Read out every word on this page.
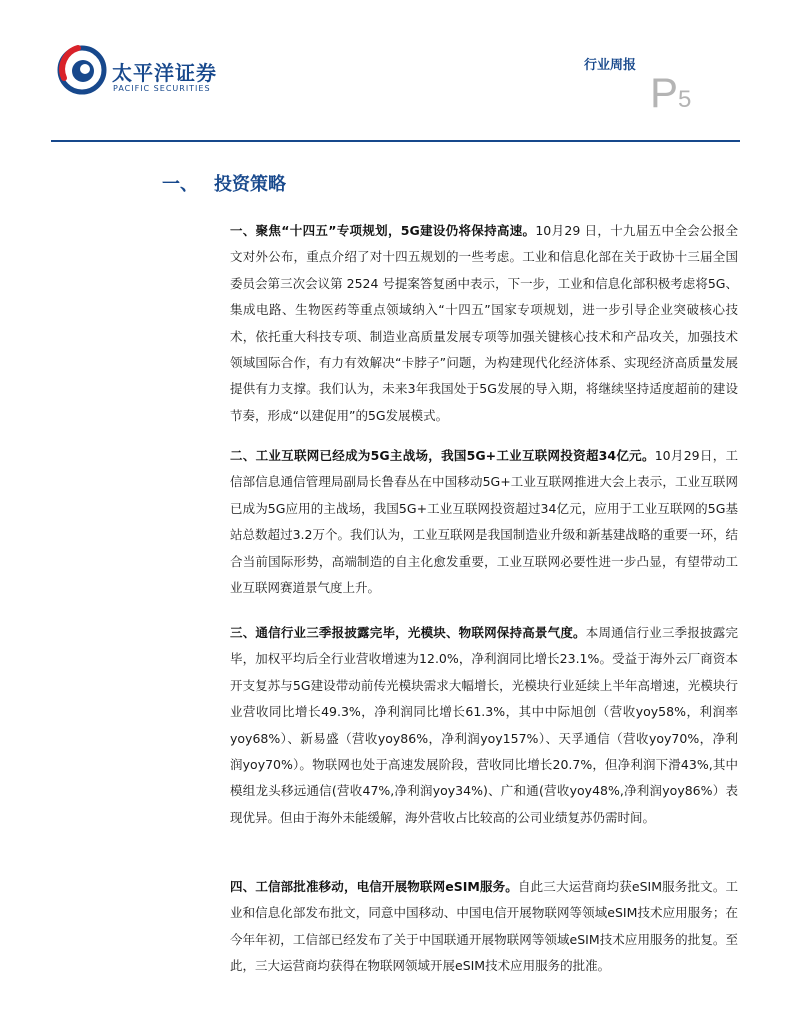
太平洋证券
PACIFIC SECURITIES
行业周报
P5
一、 投资策略
一、聚焦“十四五”专项规划，5G建设仍将保持高速。10月29 日，十九届五中全会公报全文对外公布，重点介绍了对十四五规划的一些考虑。工业和信息化部在关于政协十三届全国委员会第三次会议第 2524 号提案答复函中表示，下一步，工业和信息化部积极考虑将5G、集成电路、生物医药等重点领域纳入“十四五”国家专项规划，进一步引导企业突破核心技术，依托重大科技专项、制造业高质量发展专项等加强关键核心技术和产品攻关，加强技术领域国际合作，有力有效解决“卡脖子”问题，为构建现代化经济体系、实现经济高质量发展提供有力支撑。我们认为，未来3年我国处于5G发展的导入期，将继续坚持适度超前的建设节奏，形成“以建促用”的5G发展模式。
二、工业互联网已经成为5G主战场，我国5G+工业互联网投资超34亿元。10月29日，工信部信息通信管理局副局长鲁春丛在中国移动5G+工业互联网推进大会上表示，工业互联网已成为5G应用的主战场，我国5G+工业互联网投资超过34亿元，应用于工业互联网的5G基站总数超过3.2万个。我们认为，工业互联网是我国制造业升级和新基建战略的重要一环，结合当前国际形势，高端制造的自主化愈发重要，工业互联网必要性进一步凸显，有望带动工业互联网赛道景气度上升。
三、通信行业三季报披露完毕，光模块、物联网保持高景气度。本周通信行业三季报披露完毕，加权平均后全行业营收增速为12.0%，净利润同比增长23.1%。受益于海外云厂商资本开支复苏与5G建设带动前传光模块需求大幅增长，光模块行业延续上半年高增速，光模块行业营收同比增长49.3%，净利润同比增长61.3%，其中中际旭创（营收yoy58%，利润率yoy68%）、新易盛（营收yoy86%，净利润yoy157%）、天孚通信（营收yoy70%，净利润yoy70%）。物联网也处于高速发展阶段，营收同比增长20.7%，但净利润下滑43%,其中模组龙头移远通信(营收47%,净利润yoy34%)、广和通(营收yoy48%,净利润yoy86%）表现优异。但由于海外未能缓解，海外营收占比较高的公司业绩复苏仍需时间。
四、工信部批准移动，电信开展物联网eSIM服务。自此三大运营商均获eSIM服务批文。工业和信息化部发布批文，同意中国移动、中国电信开展物联网等领域eSIM技术应用服务；在今年年初，工信部已经发布了关于中国联通开展物联网等领域eSIM技术应用服务的批复。至此，三大运营商均获得在物联网领域开展eSIM技术应用服务的批准。
